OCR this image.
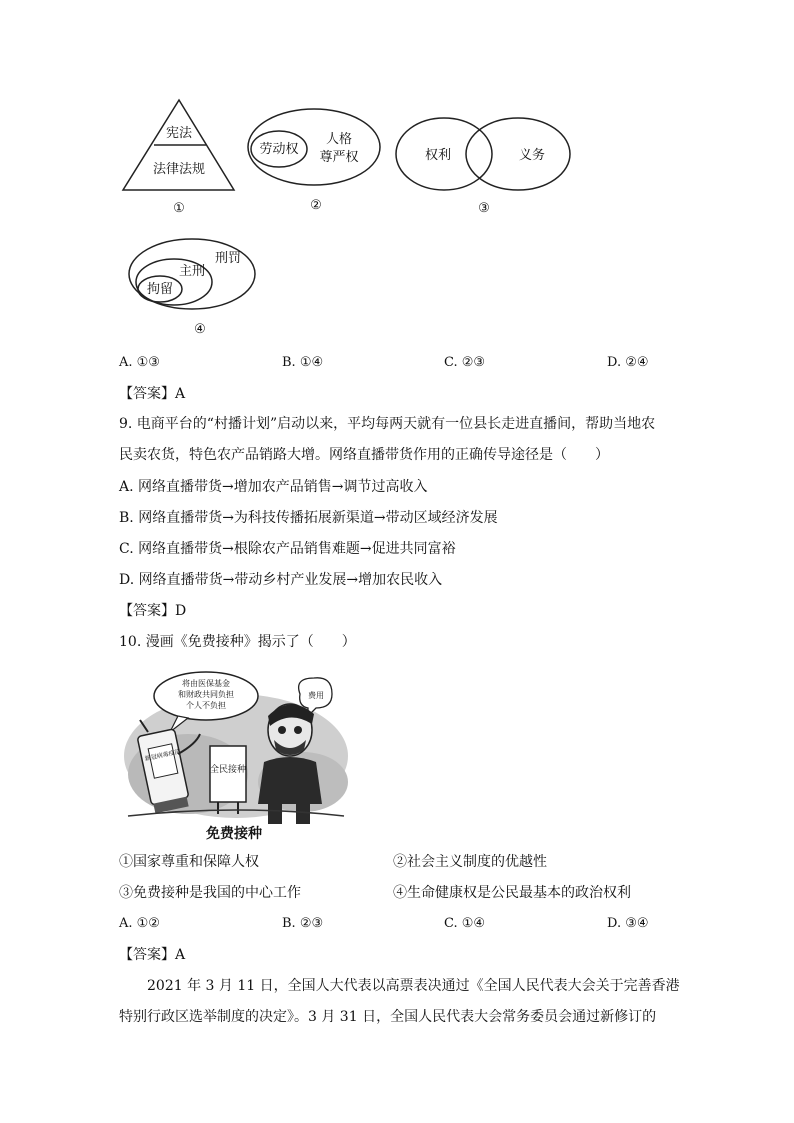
宪法
法律法规
①
劳动权
人格
尊严权
②
权利	义务
③
刑罚
主刑
拘留
④
A. ①③	B. ①④	C. ②③	D. ②④
【答案】A
9. 电商平台的“村播计划”启动以来，平均每两天就有一位县长走进直播间，帮助当地农
民卖农货，特色农产品销路大增。网络直播带货作用的正确传导途径是（　　）
A. 网络直播带货→增加农产品销售→调节过高收入
B. 网络直播带货→为科技传播拓展新渠道→带动区域经济发展
C. 网络直播带货→根除农产品销售难题→促进共同富裕
D. 网络直播带货→带动乡村产业发展→增加农民收入
【答案】D
10. 漫画《免费接种》揭示了（　　）
将由医保基金
和财政共同负担
个人不负担
费用
新冠病毒疫苗
全民接种
免费接种
①国家尊重和保障人权	②社会主义制度的优越性
③免费接种是我国的中心工作	④生命健康权是公民最基本的政治权利
A. ①②	B. ②③	C. ①④	D. ③④
【答案】A
2021 年 3 月 11 日，全国人大代表以高票表决通过《全国人民代表大会关于完善香港
特别行政区选举制度的决定》。3 月 31 日，全国人民代表大会常务委员会通过新修订的
